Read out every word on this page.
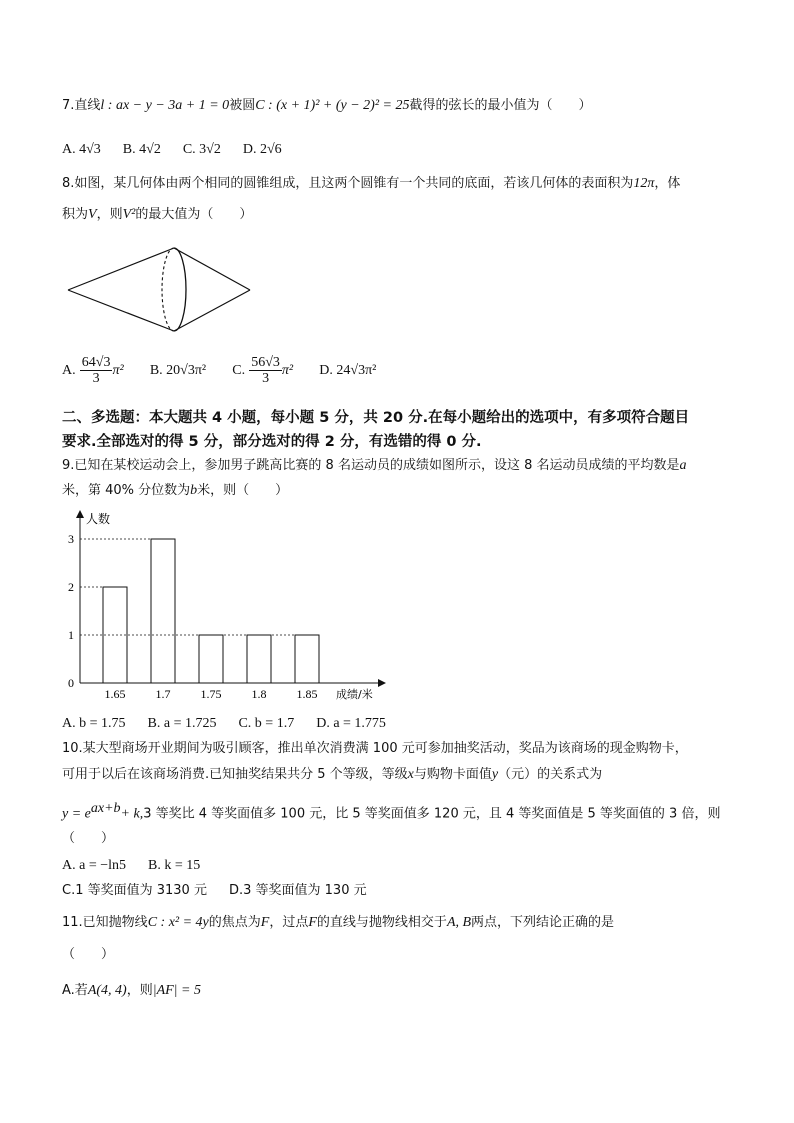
7.直线l : ax − y − 3a + 1 = 0被圆C : (x + 1)² + (y − 2)² = 25截得的弦长的最小值为（　　）
A. 4√3 B. 4√2 C. 3√2 D. 2√6
8.如图，某几何体由两个相同的圆锥组成，且这两个圆锥有一个共同的底面，若该几何体的表面积为12π，体
积为V，则V²的最大值为（　　）
A. $\frac{64√3}{3} \pi^2$ B. 20√3π² C. $\frac{56√3}{3} \pi^2$ D. 24√3π²
二、多选题：本大题共 4 小题，每小题 5 分，共 20 分.在每小题给出的选项中，有多项符合题目
要求.全部选对的得 5 分，部分选对的得 2 分，有选错的得 0 分.
9.已知在某校运动会上，参加男子跳高比赛的 8 名运动员的成绩如图所示，设这 8 名运动员成绩的平均数是a
米，第 40% 分位数为b米，则（　　）
人数
成绩/米
0
1
2
3
1.65	1.7	1.75	1.8	1.85
A. b = 1.75 B. a = 1.725 C. b = 1.7 D. a = 1.775
10.某大型商场开业期间为吸引顾客，推出单次消费满 100 元可参加抽奖活动，奖品为该商场的现金购物卡，
可用于以后在该商场消费.已知抽奖结果共分 5 个等级，等级x与购物卡面值y（元）的关系式为
$y = e^{ax+b}+ k,3$ 等奖比 4 等奖面值多 100 元，比 5 等奖面值多 120 元，且 4 等奖面值是 5 等奖面值的 3 倍，则
（　　）
A. a = −ln5 B. k = 15
C.1 等奖面值为 3130 元 D.3 等奖面值为 130 元
11.已知抛物线C : x² = 4y的焦点为F，过点F的直线与抛物线相交于A, B两点，下列结论正确的是
（　　）
A.若A(4, 4)，则|AF| = 5
